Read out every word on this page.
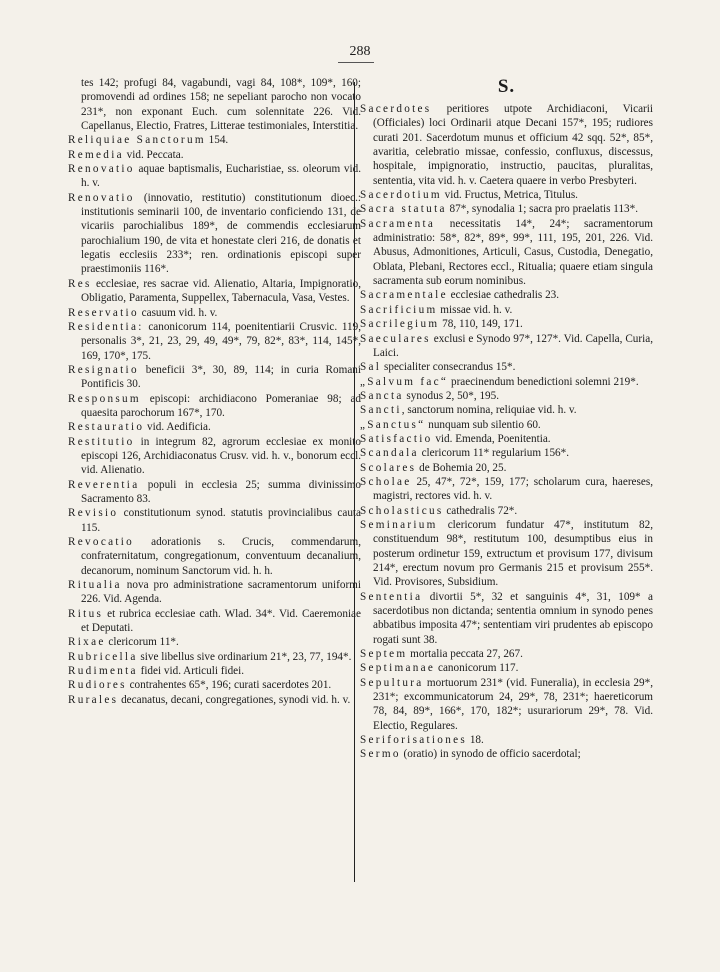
288
tes 142; profugi 84, vagabundi, vagi 84, 108*, 109*, 160; promovendi ad ordines 158; ne sepeliant parocho non vocato 231*, non exponant Euch. cum solennitate 226. Vid. Capellanus, Electio, Fratres, Litterae testimoniales, Interstitia.
Reliquiae Sanctorum 154.
Remedia vid. Peccata.
Renovatio aquae baptismalis, Eucharistiae, ss. oleorum vid. h. v.
Renovatio (innovatio, restitutio) constitutionum dioec.: institutionis seminarii 100, de inventario conficiendo 131, de vicariis parochialibus 189*, de commendis ecclesiarum parochialium 190, de vita et honestate cleri 216, de donatis et legatis ecclesiis 233*; ren. ordinationis episcopi super praestimoniis 116*.
Res ecclesiae, res sacrae vid. Alienatio, Altaria, Impignoratio, Obligatio, Paramenta, Suppellex, Tabernacula, Vasa, Vestes.
Reservatio casuum vid. h. v.
Residentia: canonicorum 114, poenitentiarii Crusvic. 119, personalis 3*, 21, 23, 29, 49, 49*, 79, 82*, 83*, 114, 145*, 169, 170*, 175.
Resignatio beneficii 3*, 30, 89, 114; in curia Romani Pontificis 30.
Responsum episcopi: archidiacono Pomeraniae 98; ad quaesita parochorum 167*, 170.
Restauratio vid. Aedificia.
Restitutio in integrum 82, agrorum ecclesiae ex monito episcopi 126, Archidiaconatus Crusv. vid. h. v., bonorum eccl. vid. Alienatio.
Reverentia populi in ecclesia 25; summa divinissimo Sacramento 83.
Revisio constitutionum synod. statutis provincialibus cauta 115.
Revocatio adorationis s. Crucis, commendarum, confraternitatum, congregationum, conventuum decanalium, decanorum, nominum Sanctorum vid. h. h.
Ritualia nova pro administratione sacramentorum uniformi 226. Vid. Agenda.
Ritus et rubrica ecclesiae cath. Wlad. 34*. Vid. Caeremoniae et Deputati.
Rixae clericorum 11*.
Rubricella sive libellus sive ordinarium 21*, 23, 77, 194*.
Rudimenta fidei vid. Articuli fidei.
Rudiores contrahentes 65*, 196; curati sacerdotes 201.
Rurales decanatus, decani, congregationes, synodi vid. h. v.
S.
Sacerdotes peritiores utpote Archidiaconi, Vicarii (Officiales) loci Ordinarii atque Decani 157*, 195; rudiores curati 201. Sacerdotum munus et officium 42 sqq. 52*, 85*, avaritia, celebratio missae, confessio, confluxus, discessus, hospitale, impignoratio, instructio, paucitas, pluralitas, sententia, vita vid. h. v. Caetera quaere in verbo Presbyteri.
Sacerdotium vid. Fructus, Metrica, Titulus.
Sacra statuta 87*, synodalia 1; sacra pro praelatis 113*.
Sacramenta necessitatis 14*, 24*; sacramentorum administratio: 58*, 82*, 89*, 99*, 111, 195, 201, 226. Vid. Abusus, Admonitiones, Articuli, Casus, Custodia, Denegatio, Oblata, Plebani, Rectores eccl., Ritualia; quaere etiam singula sacramenta sub eorum nominibus.
Sacramentale ecclesiae cathedralis 23.
Sacrificium missae vid. h. v.
Sacrilegium 78, 110, 149, 171.
Saeculares exclusi e Synodo 97*, 127*. Vid. Capella, Curia, Laici.
Sal specialiter consecrandus 15*.
„Salvum fac“ praecinendum benedictioni solemni 219*.
Sancta synodus 2, 50*, 195.
Sancti, sanctorum nomina, reliquiae vid. h. v.
„Sanctus“ nunquam sub silentio 60.
Satisfactio vid. Emenda, Poenitentia.
Scandala clericorum 11* regularium 156*.
Scolares de Bohemia 20, 25.
Scholae 25, 47*, 72*, 159, 177; scholarum cura, haereses, magistri, rectores vid. h. v.
Scholasticus cathedralis 72*.
Seminarium clericorum fundatur 47*, institutum 82, constituendum 98*, restitutum 100, desumptibus eius in posterum ordinetur 159, extructum et provisum 177, divisum 214*, erectum novum pro Germanis 215 et provisum 255*. Vid. Provisores, Subsidium.
Sententia divortii 5*, 32 et sanguinis 4*, 31, 109* a sacerdotibus non dictanda; sententia omnium in synodo penes abbatibus imposita 47*; sententiam viri prudentes ab episcopo rogati sunt 38.
Septem mortalia peccata 27, 267.
Septimanae canonicorum 117.
Sepultura mortuorum 231* (vid. Funeralia), in ecclesia 29*, 231*; excommunicatorum 24, 29*, 78, 231*; haereticorum 78, 84, 89*, 166*, 170, 182*; usurariorum 29*, 78. Vid. Electio, Regulares.
Seriforisationes 18.
Sermo (oratio) in synodo de officio sacerdotal;
